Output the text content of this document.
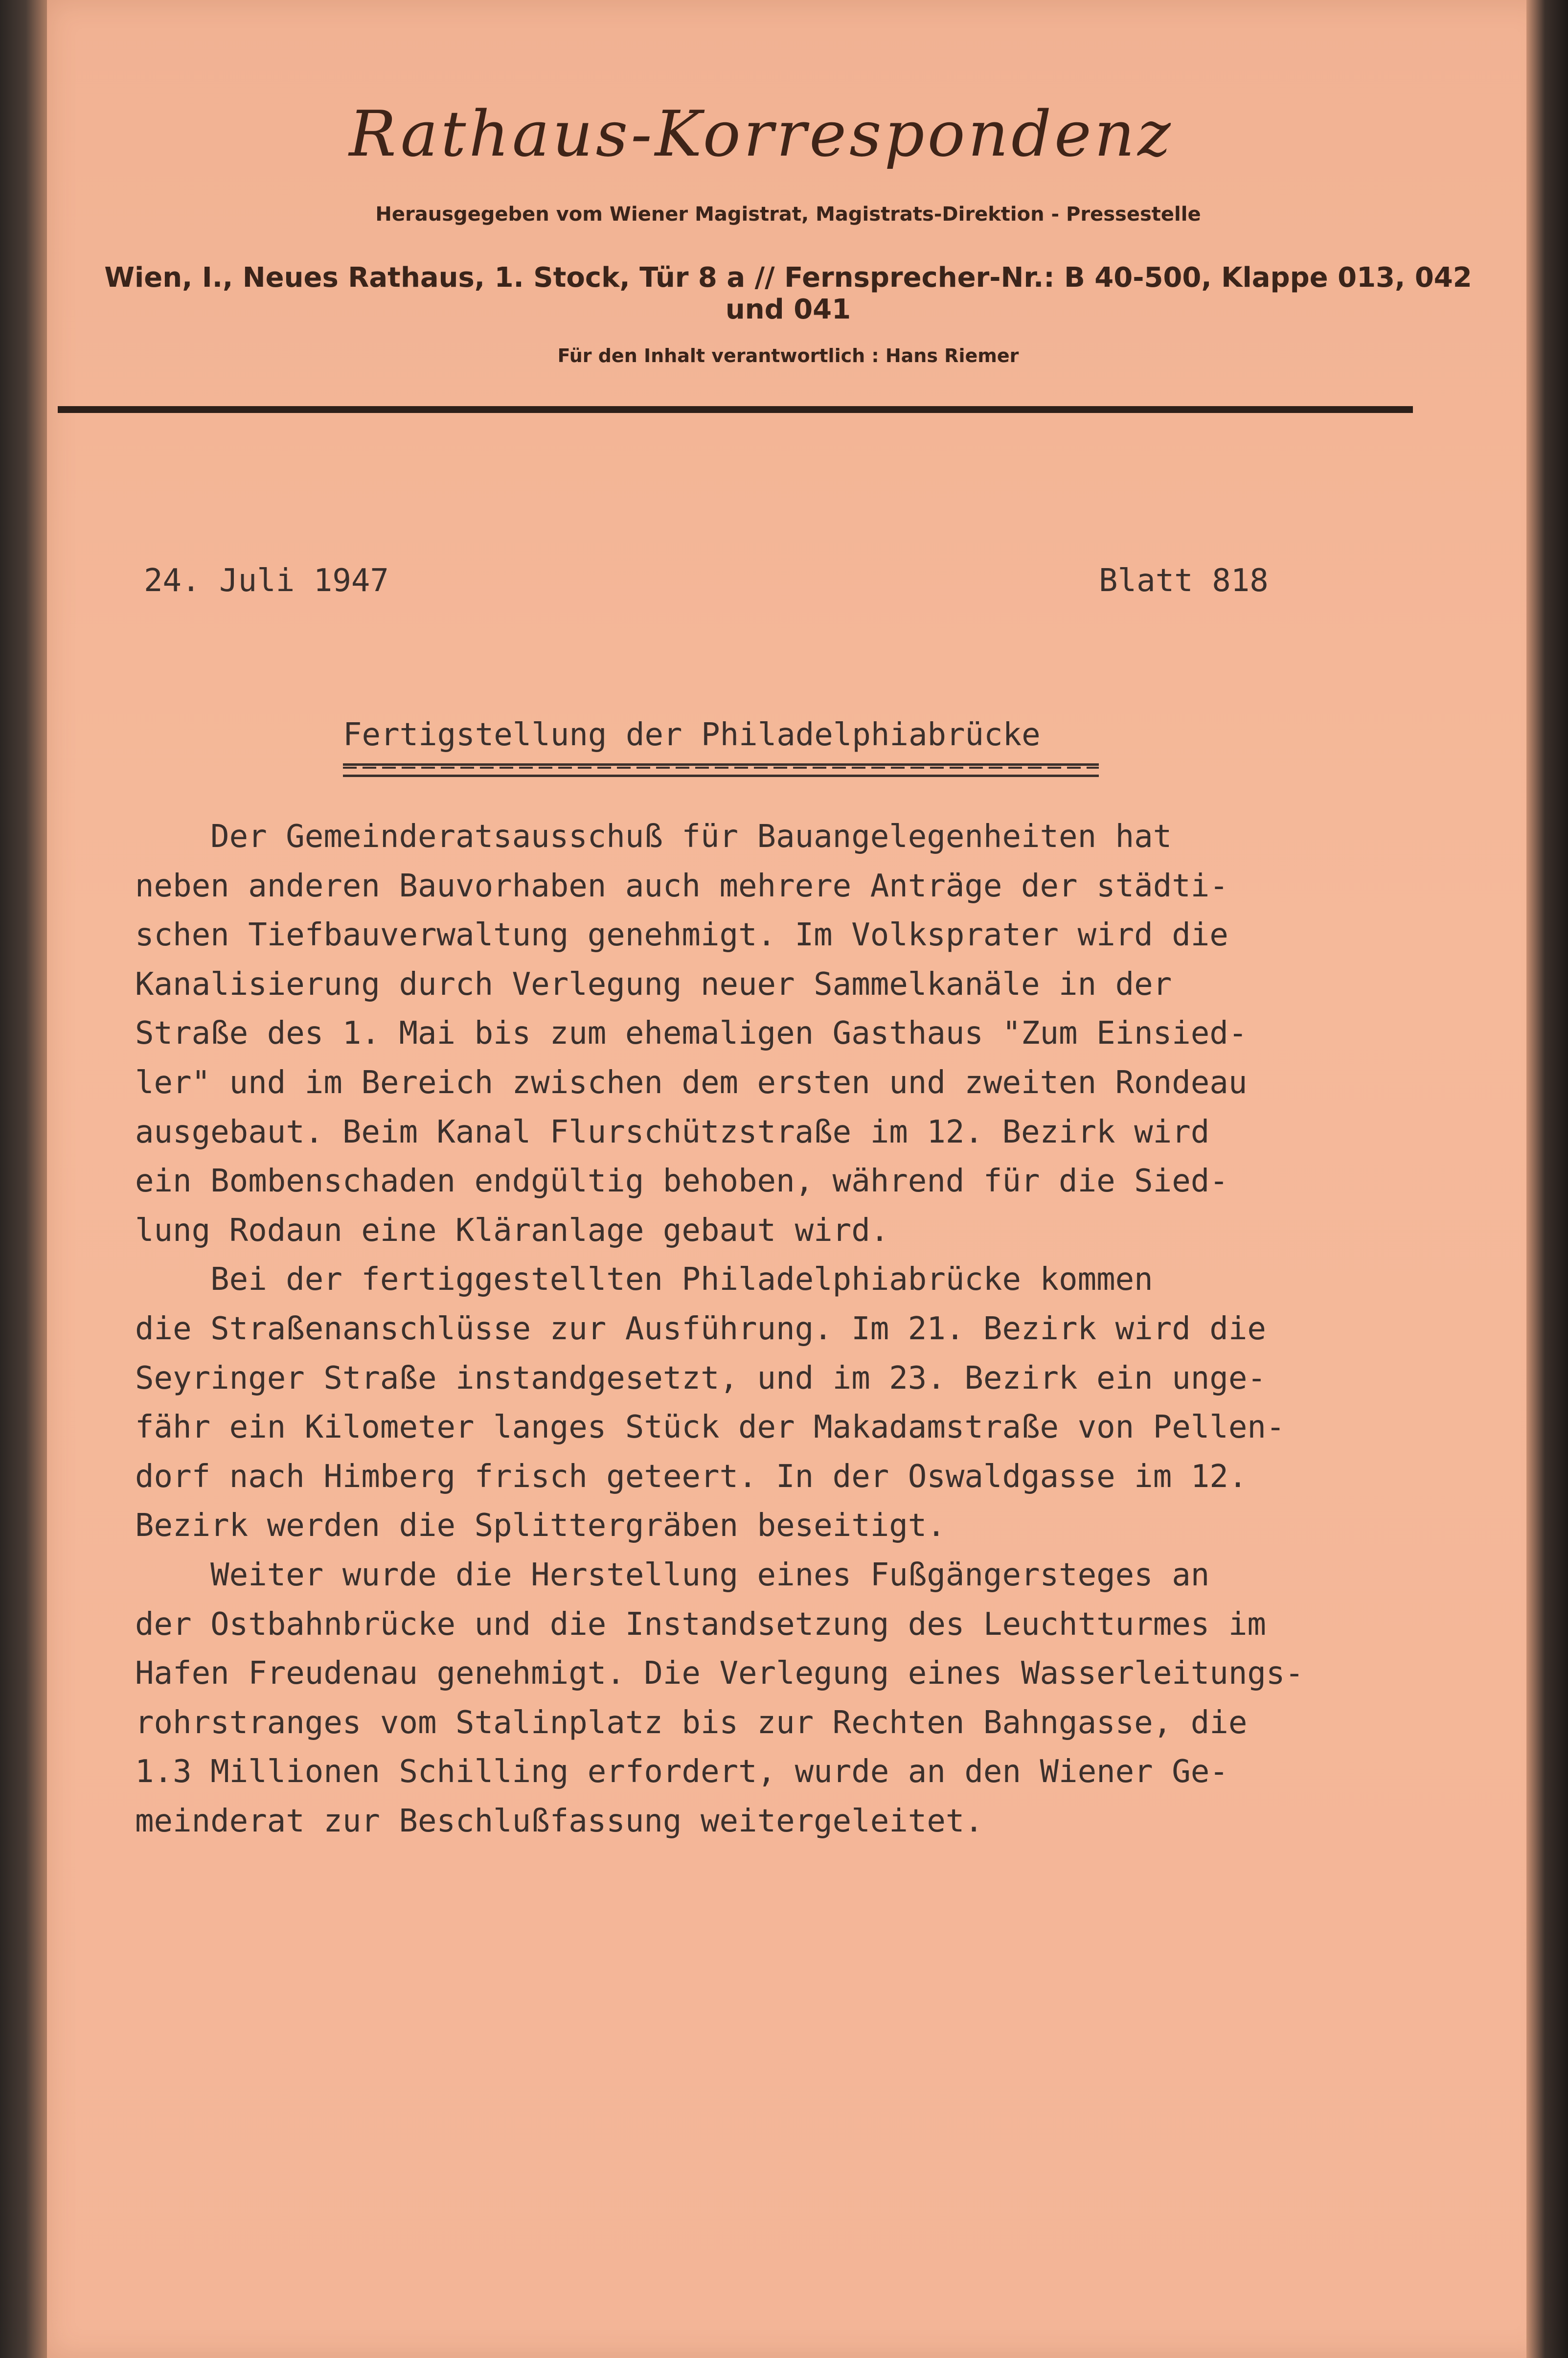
Rathaus-Korrespondenz
Herausgegeben vom Wiener Magistrat, Magistrats-Direktion - Pressestelle
Wien, I., Neues Rathaus, 1. Stock, Tür 8 a // Fernsprecher-Nr.: B 40-500, Klappe 013, 042 und 041
Für den Inhalt verantwortlich : Hans Riemer

24. Juli 1947	Blatt 818

Fertigstellung der Philadelphiabrücke

Der Gemeinderatsausschuß für Bauangelegenheiten hat
neben anderen Bauvorhaben auch mehrere Anträge der städti-
schen Tiefbauverwaltung genehmigt. Im Volksprater wird die
Kanalisierung durch Verlegung neuer Sammelkanäle in der
Straße des 1. Mai bis zum ehemaligen Gasthaus "Zum Einsied-
ler" und im Bereich zwischen dem ersten und zweiten Rondeau
ausgebaut. Beim Kanal Flurschützstraße im 12. Bezirk wird
ein Bombenschaden endgültig behoben, während für die Sied-
lung Rodaun eine Kläranlage gebaut wird.
Bei der fertiggestellten Philadelphiabrücke kommen
die Straßenanschlüsse zur Ausführung. Im 21. Bezirk wird die
Seyringer Straße instandgesetzt, und im 23. Bezirk ein unge-
fähr ein Kilometer langes Stück der Makadamstraße von Pellen-
dorf nach Himberg frisch geteert. In der Oswaldgasse im 12.
Bezirk werden die Splittergräben beseitigt.
Weiter wurde die Herstellung eines Fußgängersteges an
der Ostbahnbrücke und die Instandsetzung des Leuchtturmes im
Hafen Freudenau genehmigt. Die Verlegung eines Wasserleitungs-
rohrstranges vom Stalinplatz bis zur Rechten Bahngasse, die
1.3 Millionen Schilling erfordert, wurde an den Wiener Ge-
meinderat zur Beschlußfassung weitergeleitet.
